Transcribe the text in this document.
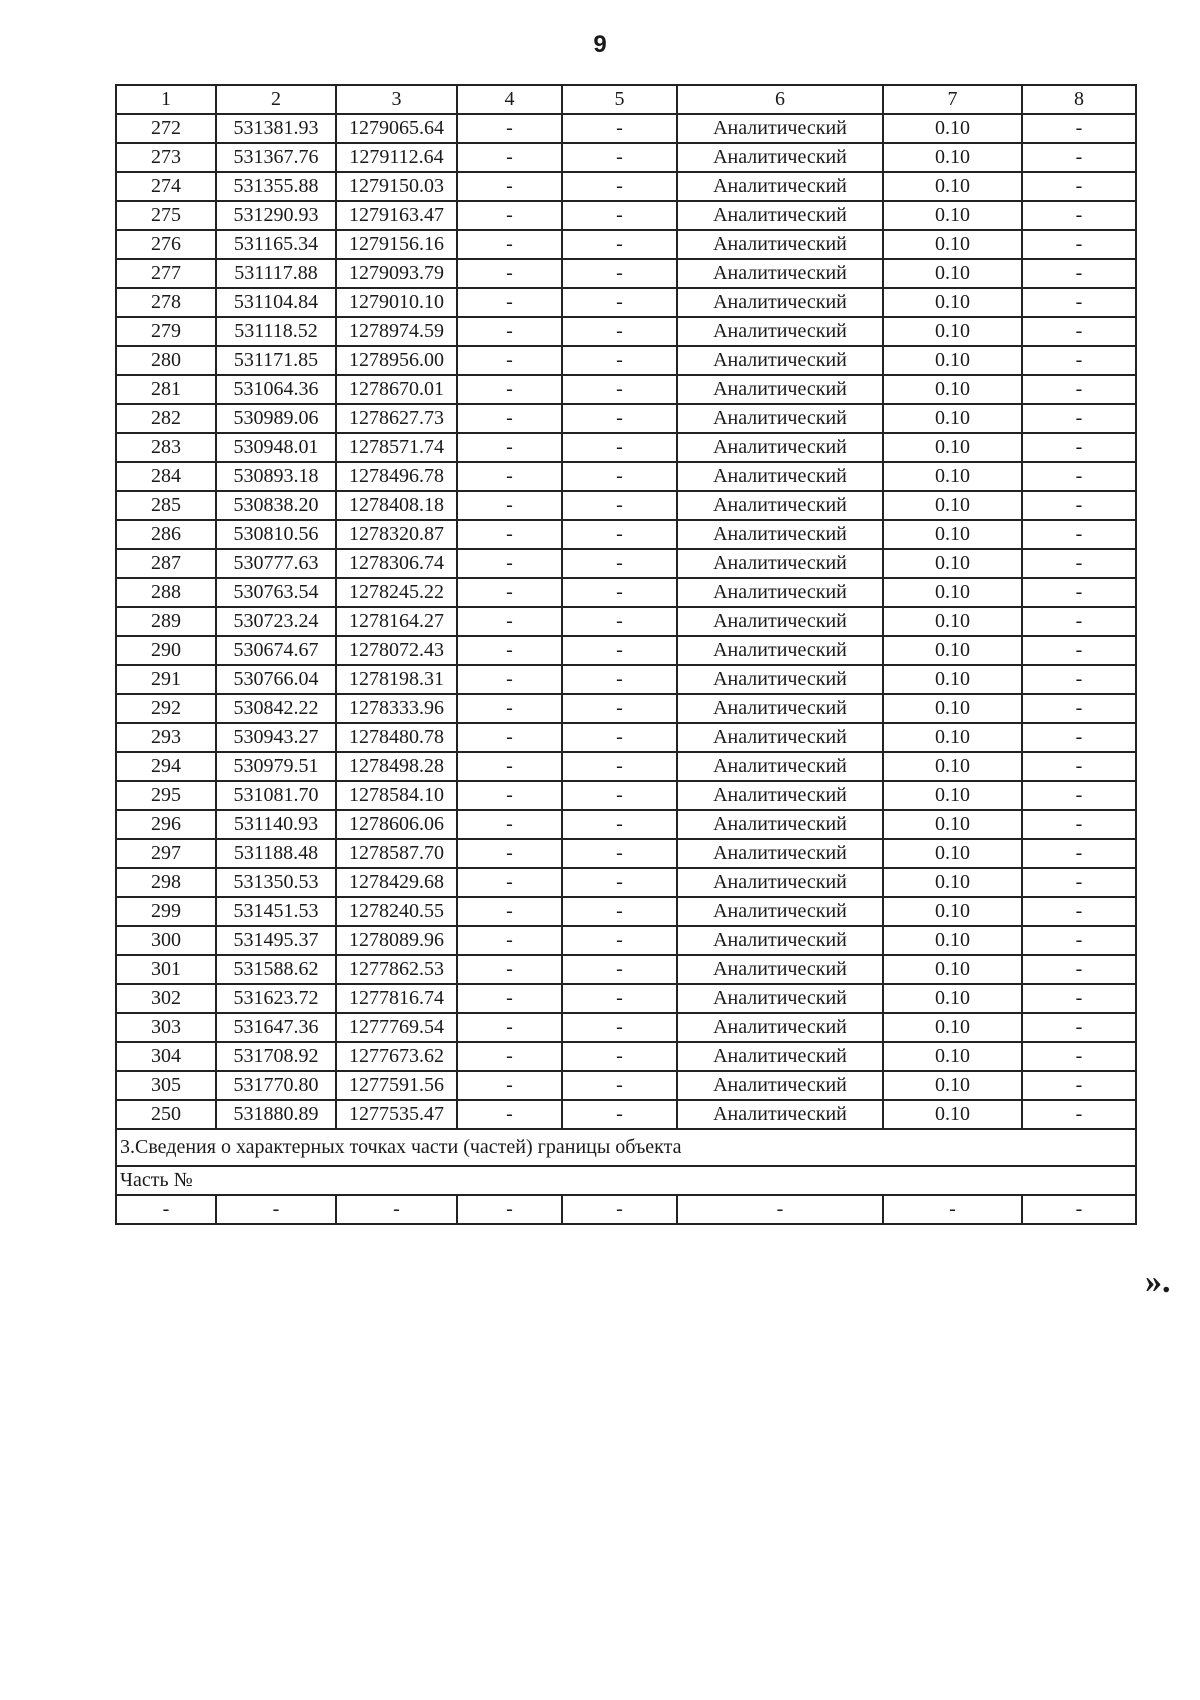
9
1	2	3	4	5	6	7	8
272	531381.93	1279065.64	-	-	Аналитический	0.10	-
273	531367.76	1279112.64	-	-	Аналитический	0.10	-
274	531355.88	1279150.03	-	-	Аналитический	0.10	-
275	531290.93	1279163.47	-	-	Аналитический	0.10	-
276	531165.34	1279156.16	-	-	Аналитический	0.10	-
277	531117.88	1279093.79	-	-	Аналитический	0.10	-
278	531104.84	1279010.10	-	-	Аналитический	0.10	-
279	531118.52	1278974.59	-	-	Аналитический	0.10	-
280	531171.85	1278956.00	-	-	Аналитический	0.10	-
281	531064.36	1278670.01	-	-	Аналитический	0.10	-
282	530989.06	1278627.73	-	-	Аналитический	0.10	-
283	530948.01	1278571.74	-	-	Аналитический	0.10	-
284	530893.18	1278496.78	-	-	Аналитический	0.10	-
285	530838.20	1278408.18	-	-	Аналитический	0.10	-
286	530810.56	1278320.87	-	-	Аналитический	0.10	-
287	530777.63	1278306.74	-	-	Аналитический	0.10	-
288	530763.54	1278245.22	-	-	Аналитический	0.10	-
289	530723.24	1278164.27	-	-	Аналитический	0.10	-
290	530674.67	1278072.43	-	-	Аналитический	0.10	-
291	530766.04	1278198.31	-	-	Аналитический	0.10	-
292	530842.22	1278333.96	-	-	Аналитический	0.10	-
293	530943.27	1278480.78	-	-	Аналитический	0.10	-
294	530979.51	1278498.28	-	-	Аналитический	0.10	-
295	531081.70	1278584.10	-	-	Аналитический	0.10	-
296	531140.93	1278606.06	-	-	Аналитический	0.10	-
297	531188.48	1278587.70	-	-	Аналитический	0.10	-
298	531350.53	1278429.68	-	-	Аналитический	0.10	-
299	531451.53	1278240.55	-	-	Аналитический	0.10	-
300	531495.37	1278089.96	-	-	Аналитический	0.10	-
301	531588.62	1277862.53	-	-	Аналитический	0.10	-
302	531623.72	1277816.74	-	-	Аналитический	0.10	-
303	531647.36	1277769.54	-	-	Аналитический	0.10	-
304	531708.92	1277673.62	-	-	Аналитический	0.10	-
305	531770.80	1277591.56	-	-	Аналитический	0.10	-
250	531880.89	1277535.47	-	-	Аналитический	0.10	-
3.Сведения о характерных точках части (частей) границы объекта							
Часть №							
-	-	-	-	-	-	-	-
».
